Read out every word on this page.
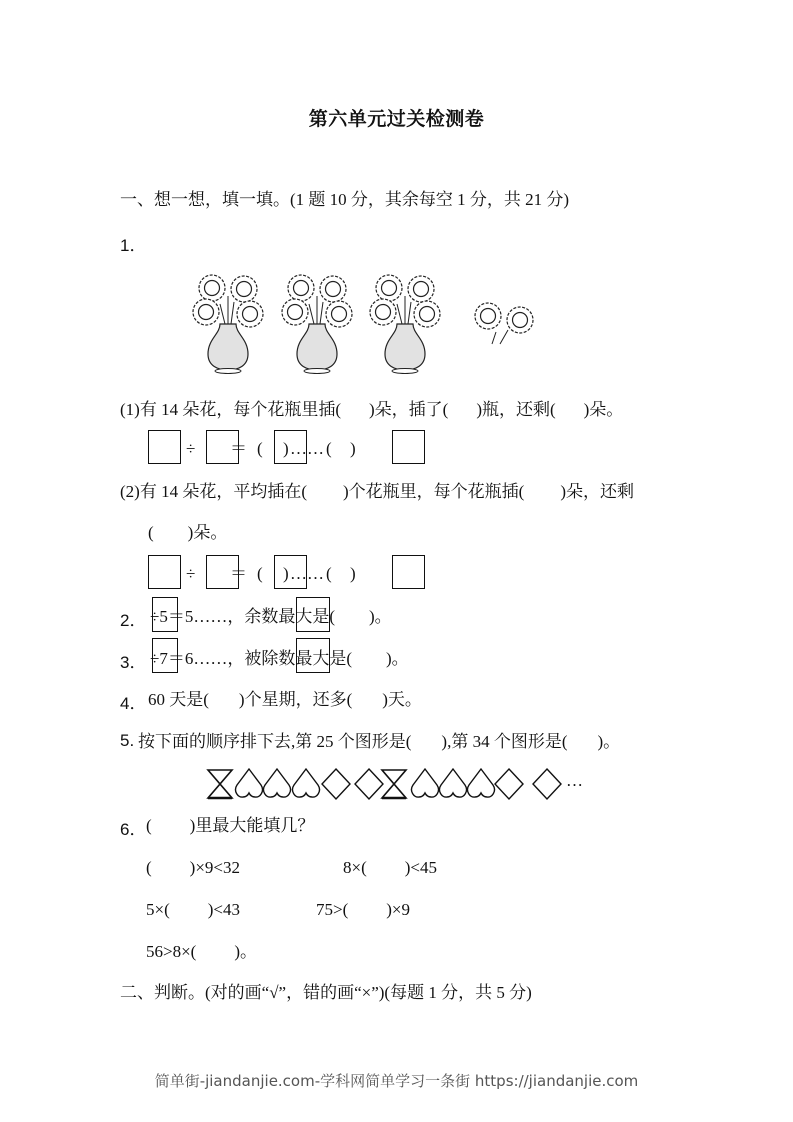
第六单元过关检测卷
一、想一想，填一填。(1 题 10 分，其余每空 1 分，共 21 分)
1．
(1)有 14 朵花，每个花瓶里插( )朵，插了( )瓶，还剩( )朵。
÷ ＝ ( ) …… ( )
(2)有 14 朵花，平均插在( )个花瓶里，每个花瓶插( )朵，还剩
( )朵。
÷ ＝ ( ) …… ( )
2． ÷5＝5……，余数最大是( )。
3． ÷7＝6……，被除数最大是( )。
4． 60 天是( )个星期，还多( )天。
5. 按下面的顺序排下去,第 25 个图形是( ),第 34 个图形是( )。
…
6． ( )里最大能填几？
( )×9<32	8×( )<45
5×( )<43	75>( )×9
56>8×( )。
二、判断。(对的画“√”，错的画“×”)(每题 1 分，共 5 分)
简单街-jiandanjie.com-学科网简单学习一条街 https://jiandanjie.com
